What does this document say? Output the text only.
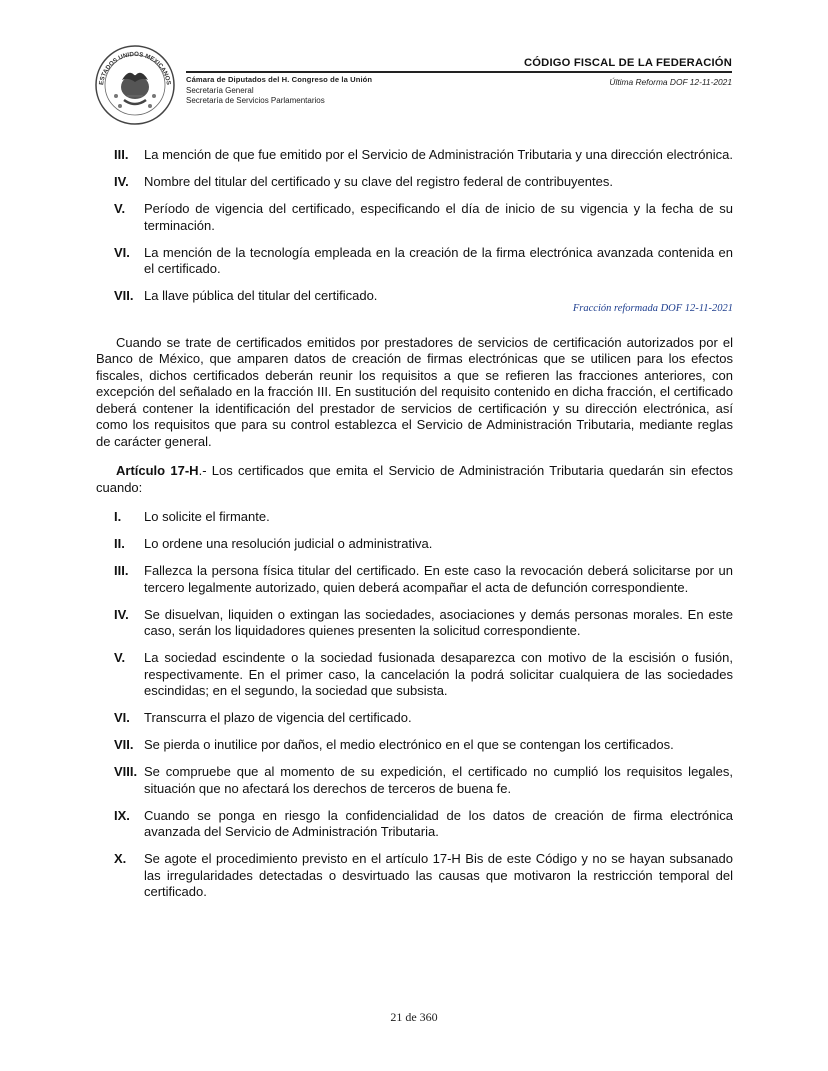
ESTADOS UNIDOS MEXICANOS
CÓDIGO FISCAL DE LA FEDERACIÓN
Última Reforma DOF 12-11-2021
Cámara de Diputados del H. Congreso de la Unión
Secretaría General
Secretaría de Servicios Parlamentarios
III. La mención de que fue emitido por el Servicio de Administración Tributaria y una dirección electrónica.
IV. Nombre del titular del certificado y su clave del registro federal de contribuyentes.
V. Período de vigencia del certificado, especificando el día de inicio de su vigencia y la fecha de su terminación.
VI. La mención de la tecnología empleada en la creación de la firma electrónica avanzada contenida en el certificado.
VII. La llave pública del titular del certificado.
Fracción reformada DOF 12-11-2021

Cuando se trate de certificados emitidos por prestadores de servicios de certificación autorizados por el Banco de México, que amparen datos de creación de firmas electrónicas que se utilicen para los efectos fiscales, dichos certificados deberán reunir los requisitos a que se refieren las fracciones anteriores, con excepción del señalado en la fracción III. En sustitución del requisito contenido en dicha fracción, el certificado deberá contener la identificación del prestador de servicios de certificación y su dirección electrónica, así como los requisitos que para su control establezca el Servicio de Administración Tributaria, mediante reglas de carácter general.

Artículo 17-H.- Los certificados que emita el Servicio de Administración Tributaria quedarán sin efectos cuando:

I. Lo solicite el firmante.
II. Lo ordene una resolución judicial o administrativa.
III. Fallezca la persona física titular del certificado. En este caso la revocación deberá solicitarse por un tercero legalmente autorizado, quien deberá acompañar el acta de defunción correspondiente.
IV. Se disuelvan, liquiden o extingan las sociedades, asociaciones y demás personas morales. En este caso, serán los liquidadores quienes presenten la solicitud correspondiente.
V. La sociedad escindente o la sociedad fusionada desaparezca con motivo de la escisión o fusión, respectivamente. En el primer caso, la cancelación la podrá solicitar cualquiera de las sociedades escindidas; en el segundo, la sociedad que subsista.
VI. Transcurra el plazo de vigencia del certificado.
VII. Se pierda o inutilice por daños, el medio electrónico en el que se contengan los certificados.
VIII. Se compruebe que al momento de su expedición, el certificado no cumplió los requisitos legales, situación que no afectará los derechos de terceros de buena fe.
IX. Cuando se ponga en riesgo la confidencialidad de los datos de creación de firma electrónica avanzada del Servicio de Administración Tributaria.
X. Se agote el procedimiento previsto en el artículo 17-H Bis de este Código y no se hayan subsanado las irregularidades detectadas o desvirtuado las causas que motivaron la restricción temporal del certificado.
21 de 360
